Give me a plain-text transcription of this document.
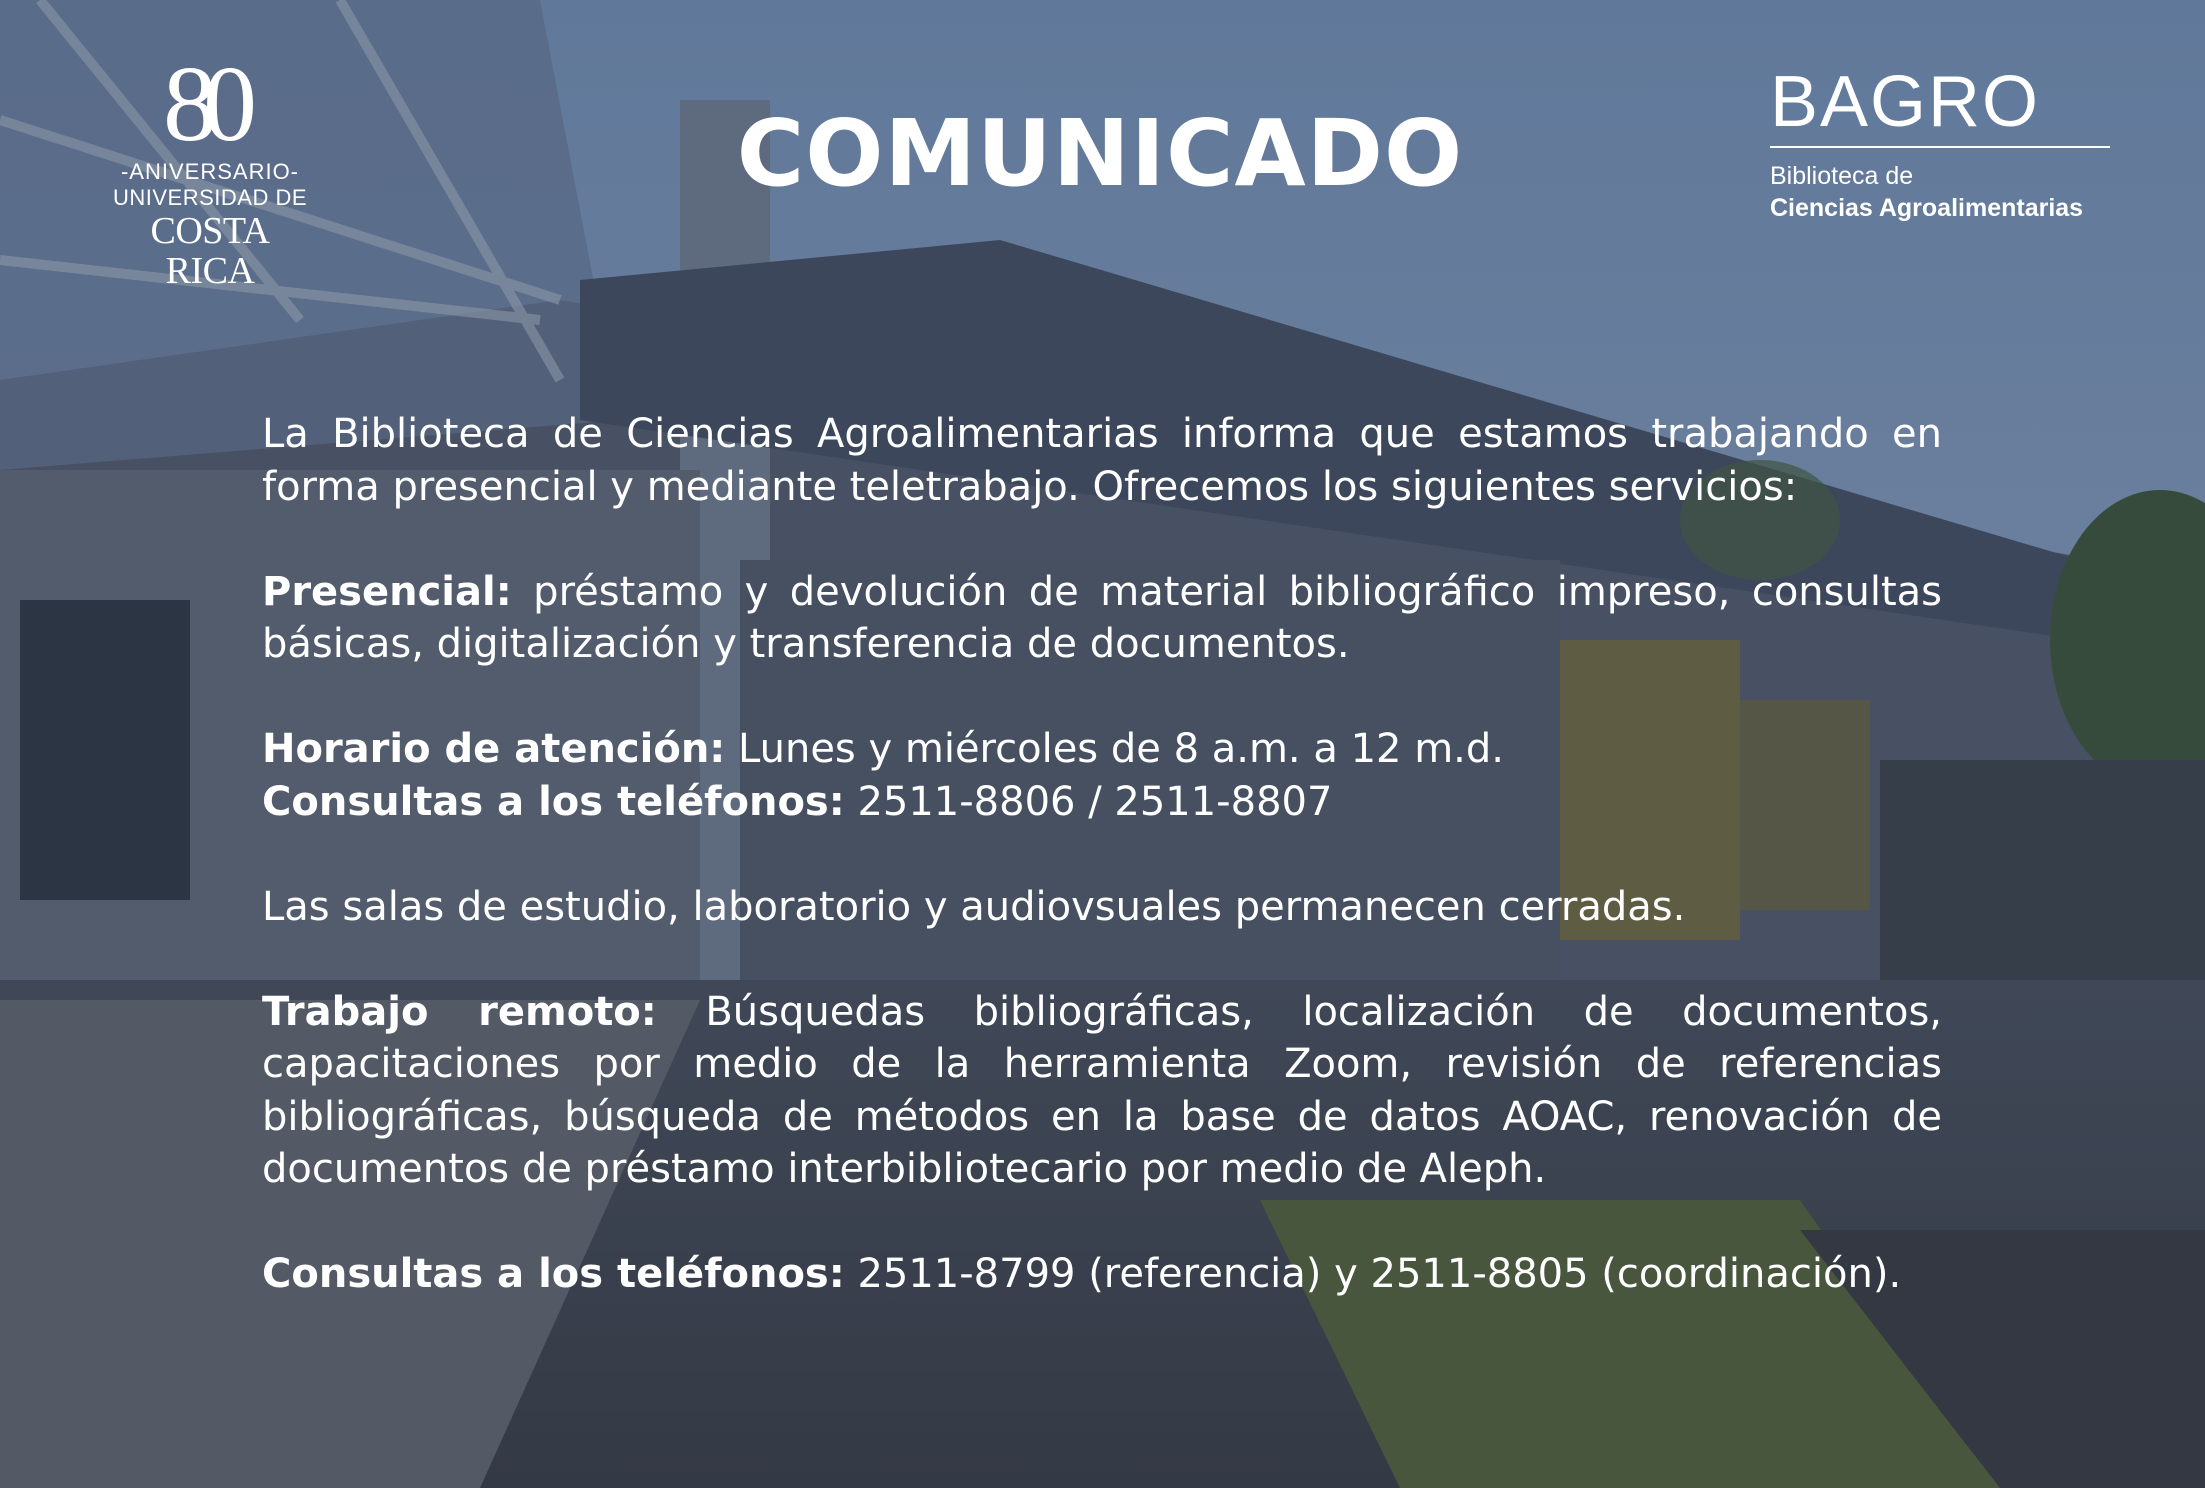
80
-ANIVERSARIO-
UNIVERSIDAD DE
COSTA RICA
COMUNICADO	BAGRO
Biblioteca de
Ciencias Agroalimentarias

La Biblioteca de Ciencias Agroalimentarias informa que estamos trabajando en forma presencial y mediante teletrabajo. Ofrecemos los siguientes servicios:

Presencial: préstamo y devolución de material bibliográfico impreso, consultas básicas, digitalización y transferencia de documentos.

Horario de atención: Lunes y miércoles de 8 a.m. a 12 m.d.
Consultas a los teléfonos: 2511-8806 / 2511-8807

Las salas de estudio, laboratorio y audiovsuales permanecen cerradas.

Trabajo remoto: Búsquedas bibliográficas, localización de documentos, capacitaciones por medio de la herramienta Zoom, revisión de referencias bibliográficas, búsqueda de métodos en la base de datos AOAC, renovación de documentos de préstamo interbibliotecario por medio de Aleph.

Consultas a los teléfonos: 2511-8799 (referencia) y 2511-8805 (coordinación).
